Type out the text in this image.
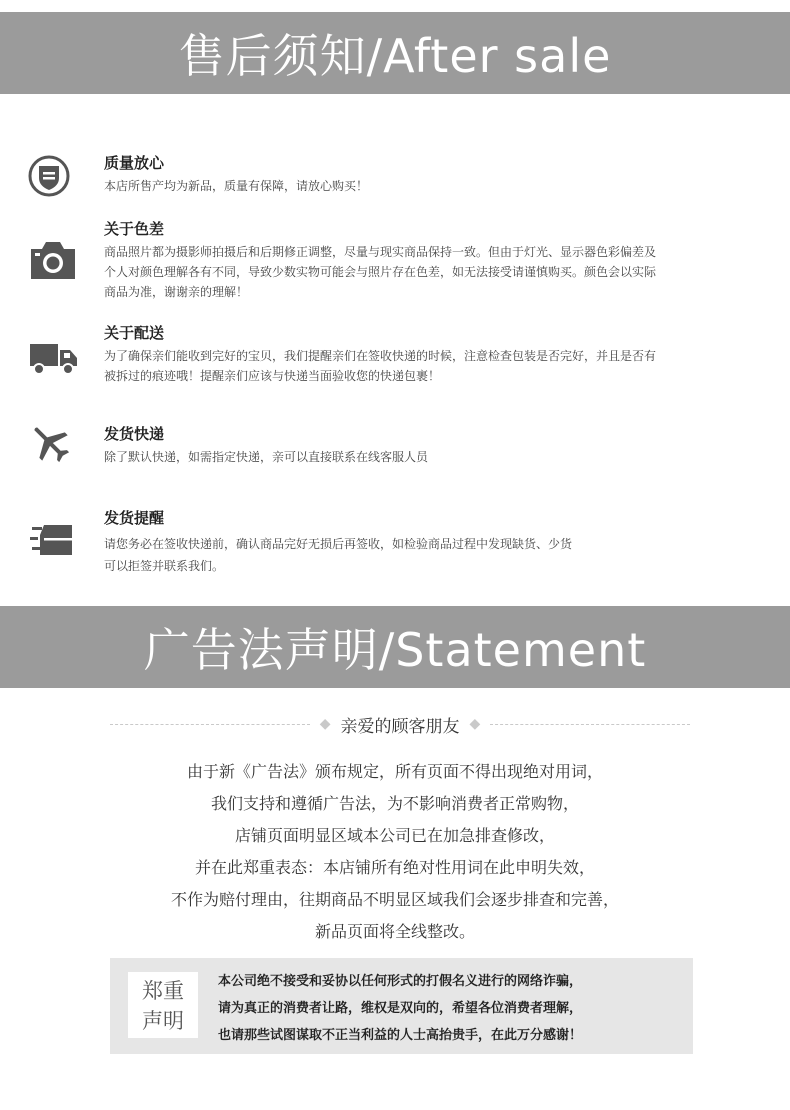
售后须知/After sale
质量放心
本店所售产均为新品，质量有保障，请放心购买！
关于色差
商品照片都为摄影师拍摄后和后期修正调整，尽量与现实商品保持一致。但由于灯光、显示器色彩偏差及
个人对颜色理解各有不同，导致少数实物可能会与照片存在色差，如无法接受请谨慎购买。颜色会以实际
商品为准，谢谢亲的理解！
关于配送
为了确保亲们能收到完好的宝贝，我们提醒亲们在签收快递的时候，注意检查包装是否完好，并且是否有
被拆过的痕迹哦！提醒亲们应该与快递当面验收您的快递包裹！
发货快递
除了默认快递，如需指定快递，亲可以直接联系在线客服人员
发货提醒
请您务必在签收快递前，确认商品完好无损后再签收，如检验商品过程中发现缺货、少货
可以拒签并联系我们。
广告法声明/Statement
◆ 亲爱的顾客朋友 ◆
由于新《广告法》颁布规定，所有页面不得出现绝对用词，
我们支持和遵循广告法，为不影响消费者正常购物，
店铺页面明显区域本公司已在加急排查修改，
并在此郑重表态：本店铺所有绝对性用词在此申明失效，
不作为赔付理由，往期商品不明显区域我们会逐步排查和完善，
新品页面将全线整改。
郑重
声明
本公司绝不接受和妥协以任何形式的打假名义进行的网络诈骗，
请为真正的消费者让路，维权是双向的，希望各位消费者理解，
也请那些试图谋取不正当利益的人士高抬贵手，在此万分感谢！
